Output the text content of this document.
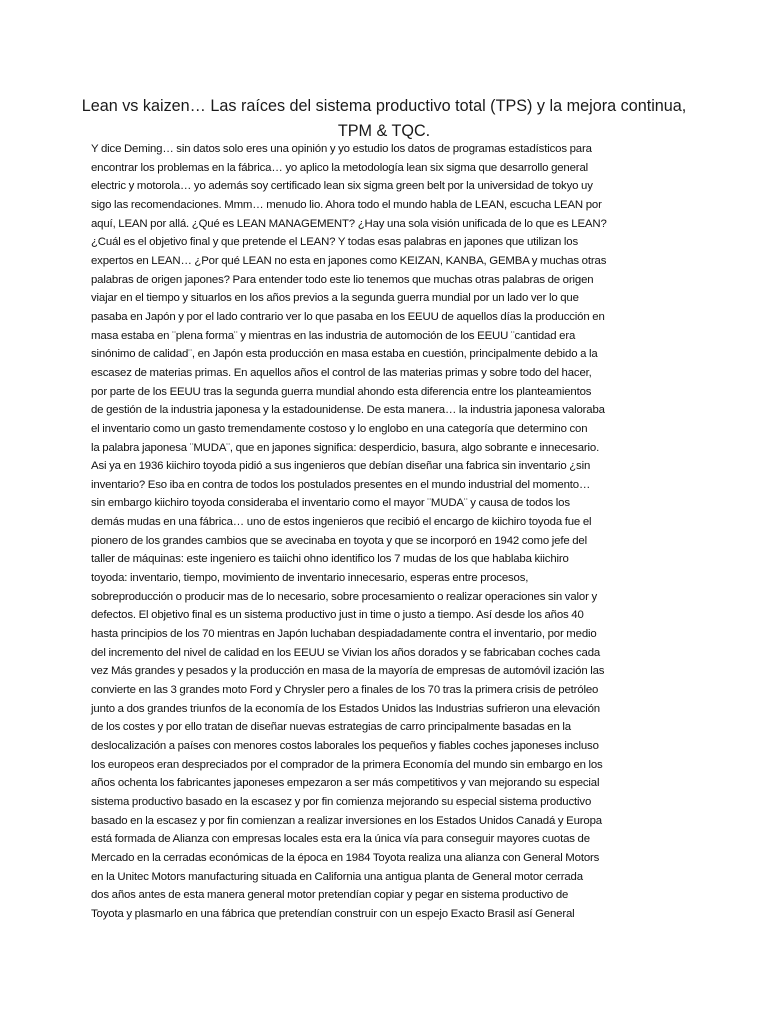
Lean vs kaizen… Las raíces del sistema productivo total (TPS) y la mejora continua,
TPM & TQC.
Y dice Deming… sin datos solo eres una opinión y yo estudio los datos de programas estadísticos para
encontrar los problemas en la fábrica… yo aplico la metodología lean six sigma que desarrollo general
electric y motorola… yo además soy certificado lean six sigma green belt por la universidad de tokyo uy
sigo las recomendaciones. Mmm… menudo lio. Ahora todo el mundo habla de LEAN, escucha LEAN por
aquí, LEAN por allá. ¿Qué es LEAN MANAGEMENT? ¿Hay una sola visión unificada de lo que es LEAN?
¿Cuál es el objetivo final y que pretende el LEAN? Y todas esas palabras en japones que utilizan los
expertos en LEAN… ¿Por qué LEAN no esta en japones como KEIZAN, KANBA, GEMBA y muchas otras
palabras de origen japones? Para entender todo este lio tenemos que muchas otras palabras de origen
viajar en el tiempo y situarlos en los años previos a la segunda guerra mundial por un lado ver lo que
pasaba en Japón y por el lado contrario ver lo que pasaba en los EEUU de aquellos días la producción en
masa estaba en ¨plena forma¨ y mientras en las industria de automoción de los EEUU ¨cantidad era
sinónimo de calidad¨, en Japón esta producción en masa estaba en cuestión, principalmente debido a la
escasez de materias primas. En aquellos años el control de las materias primas y sobre todo del hacer,
por parte de los EEUU tras la segunda guerra mundial ahondo esta diferencia entre los planteamientos
de gestión de la industria japonesa y la estadounidense. De esta manera… la industria japonesa valoraba
el inventario como un gasto tremendamente costoso y lo englobo en una categoría que determino con
la palabra japonesa ¨MUDA¨, que en japones significa: desperdicio, basura, algo sobrante e innecesario.
Asi ya en 1936 kiichiro toyoda pidió a sus ingenieros que debían diseñar una fabrica sin inventario ¿sin
inventario? Eso iba en contra de todos los postulados presentes en el mundo industrial del momento…
sin embargo kiichiro toyoda consideraba el inventario como el mayor ¨MUDA¨ y causa de todos los
demás mudas en una fábrica… uno de estos ingenieros que recibió el encargo de kiichiro toyoda fue el
pionero de los grandes cambios que se avecinaba en toyota y que se incorporó en 1942 como jefe del
taller de máquinas: este ingeniero es taiichi ohno identifico los 7 mudas de los que hablaba kiichiro
toyoda: inventario, tiempo, movimiento de inventario innecesario, esperas entre procesos,
sobreproducción o producir mas de lo necesario, sobre procesamiento o realizar operaciones sin valor y
defectos. El objetivo final es un sistema productivo just in time o justo a tiempo. Así desde los años 40
hasta principios de los 70 mientras en Japón luchaban despiadadamente contra el inventario, por medio
del incremento del nivel de calidad en los EEUU se Vivian los años dorados y se fabricaban coches cada
vez Más grandes y pesados y la producción en masa de la mayoría de empresas de automóvil ización las
convierte en las 3 grandes moto Ford y Chrysler pero a finales de los 70 tras la primera crisis de petróleo
junto a dos grandes triunfos de la economía de los Estados Unidos las Industrias sufrieron una elevación
de los costes y por ello tratan de diseñar nuevas estrategias de carro principalmente basadas en la
deslocalización a países con menores costos laborales los pequeños y fiables coches japoneses incluso
los europeos eran despreciados por el comprador de la primera Economía del mundo sin embargo en los
años ochenta los fabricantes japoneses empezaron a ser más competitivos y van mejorando su especial
sistema productivo basado en la escasez y por fin comienza mejorando su especial sistema productivo
basado en la escasez y por fin comienzan a realizar inversiones en los Estados Unidos Canadá y Europa
está formada de Alianza con empresas locales esta era la única vía para conseguir mayores cuotas de
Mercado en la cerradas económicas de la época en 1984 Toyota realiza una alianza con General Motors
en la Unitec Motors manufacturing situada en California una antigua planta de General motor cerrada
dos años antes de esta manera general motor pretendían copiar y pegar en sistema productivo de
Toyota y plasmarlo en una fábrica que pretendían construir con un espejo Exacto Brasil así General
